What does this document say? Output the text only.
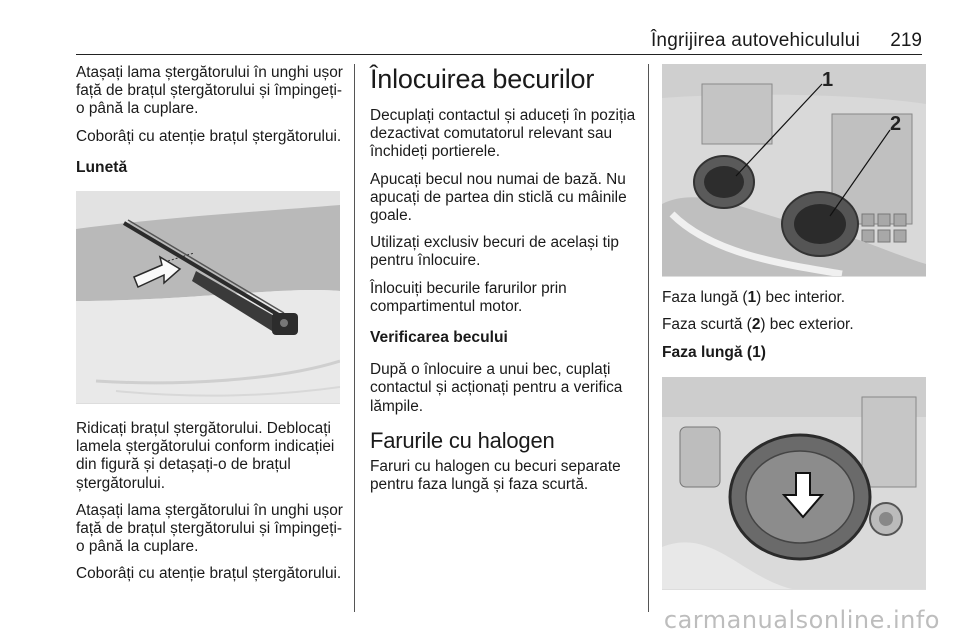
Îngrijirea autovehiculului 219

Atașați lama ștergătorului în unghi ușor față de brațul ștergătorului și împingeți-o până la cuplare.

Coborâți cu atenție brațul ștergătorului.

Lunetă

Ridicați brațul ștergătorului. Deblocați lamela ștergătorului conform indicației din figură și detașați-o de brațul ștergătorului.

Atașați lama ștergătorului în unghi ușor față de brațul ștergătorului și împingeți-o până la cuplare.

Coborâți cu atenție brațul ștergătorului.

Înlocuirea becurilor

Decuplați contactul și aduceți în poziția dezactivat comutatorul relevant sau închideți portierele.

Apucați becul nou numai de bază. Nu apucați de partea din sticlă cu mâinile goale.

Utilizați exclusiv becuri de același tip pentru înlocuire.

Înlocuiți becurile farurilor prin compartimentul motor.

Verificarea becului

După o înlocuire a unui bec, cuplați contactul și acționați pentru a verifica lămpile.

Farurile cu halogen

Faruri cu halogen cu becuri separate pentru faza lungă și faza scurtă.

1
2

Faza lungă (1) bec interior.

Faza scurtă (2) bec exterior.

Faza lungă (1)

carmanualsonline.info
